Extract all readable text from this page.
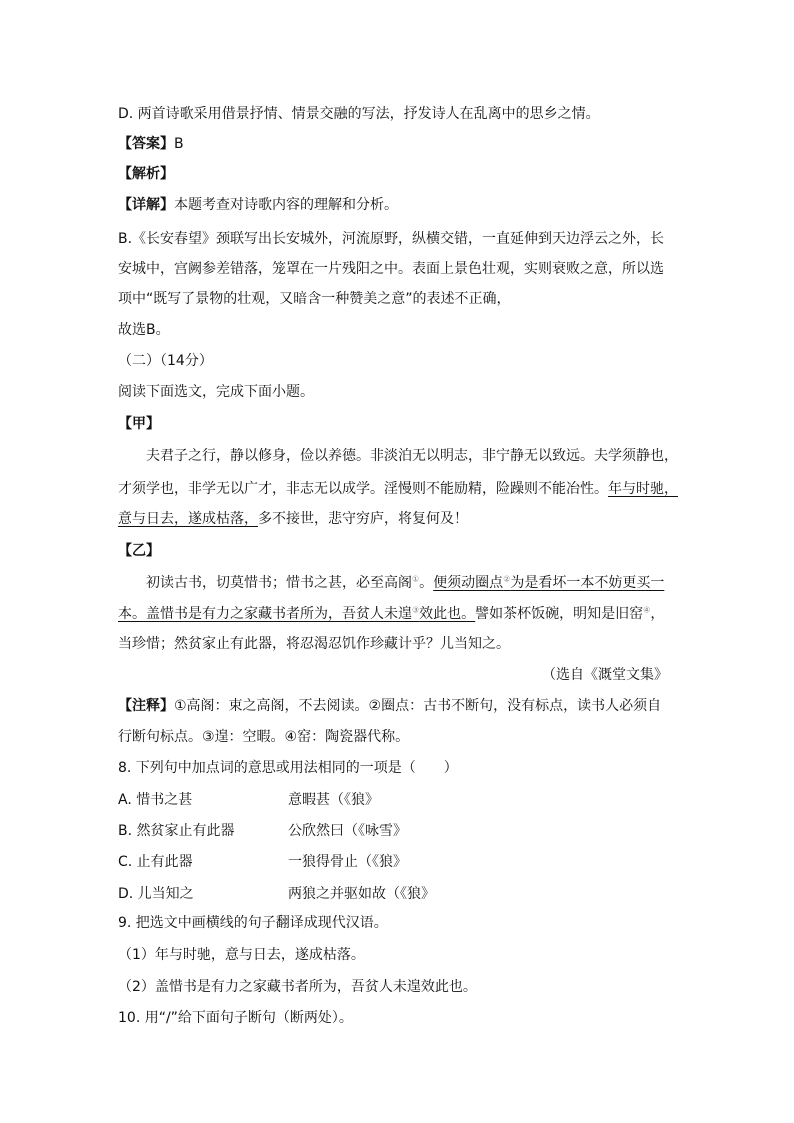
D. 两首诗歌采用借景抒情、情景交融的写法，抒发诗人在乱离中的思乡之情。
【答案】B
【解析】
【详解】本题考查对诗歌内容的理解和分析。
B.《长安春望》颈联写出长安城外，河流原野，纵横交错，一直延伸到天边浮云之外，长
安城中，宫阙参差错落，笼罩在一片残阳之中。表面上景色壮观，实则衰败之意，所以选
项中“既写了景物的壮观，又暗含一种赞美之意”的表述不正确，
故选B。
（二）（14分）
阅读下面选文，完成下面小题。
【甲】
夫君子之行，静以修身，俭以养德。非淡泊无以明志，非宁静无以致远。夫学须静也，
才须学也，非学无以广才，非志无以成学。淫慢则不能励精，险躁则不能冶性。年与时驰，
意与日去，遂成枯落，多不接世，悲守穷庐，将复何及！
【乙】
初读古书，切莫惜书；惜书之甚，必至高阁①。便须动圈点②为是看坏一本不妨更买一
本。盖惜书是有力之家藏书者所为，吾贫人未遑③效此也。譬如茶杯饭碗，明知是旧窑④，
当珍惜；然贫家止有此器，将忍渴忍饥作珍藏计乎？儿当知之。
（选自《溉堂文集》
【注释】①高阁：束之高阁，不去阅读。②圈点：古书不断句，没有标点，读书人必须自
行断句标点。③遑：空暇。④窑：陶瓷器代称。
8. 下列句中加点词的意思或用法相同的一项是（　　）
A. 惜书之甚	意暇甚（《狼》
B. 然贫家止有此器	公欣然曰（《咏雪》
C. 止有此器	一狼得骨止（《狼》
D. 儿当知之	两狼之并驱如故（《狼》
9. 把选文中画横线的句子翻译成现代汉语。
（1）年与时驰，意与日去，遂成枯落。
（2）盖惜书是有力之家藏书者所为，吾贫人未遑效此也。
10. 用“/”给下面句子断句（断两处）。
